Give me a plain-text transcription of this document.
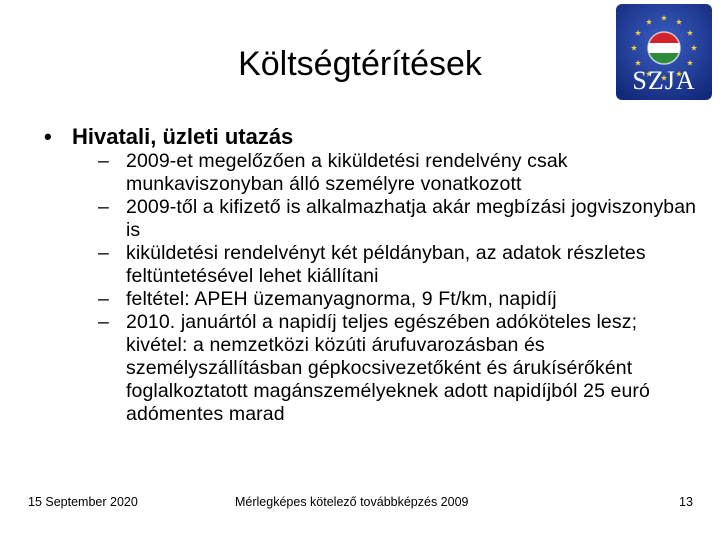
Költségtérítések	SZJA
• Hivatali, üzleti utazás
– 2009-et megelőzően a kiküldetési rendelvény csak munkaviszonyban álló személyre vonatkozott
– 2009-től a kifizető is alkalmazhatja akár megbízási jogviszonyban is
– kiküldetési rendelvényt két példányban, az adatok részletes feltüntetésével lehet kiállítani
– feltétel: APEH üzemanyagnorma, 9 Ft/km, napidíj
– 2010. januártól a napidíj teljes egészében adóköteles lesz; kivétel: a nemzetközi közúti árufuvarozásban és személyszállításban gépkocsivezetőként és árukísérőként foglalkoztatott magánszemélyeknek adott napidíjból 25 euró adómentes marad
15 September 2020	Mérlegképes kötelező továbbképzés 2009	13
